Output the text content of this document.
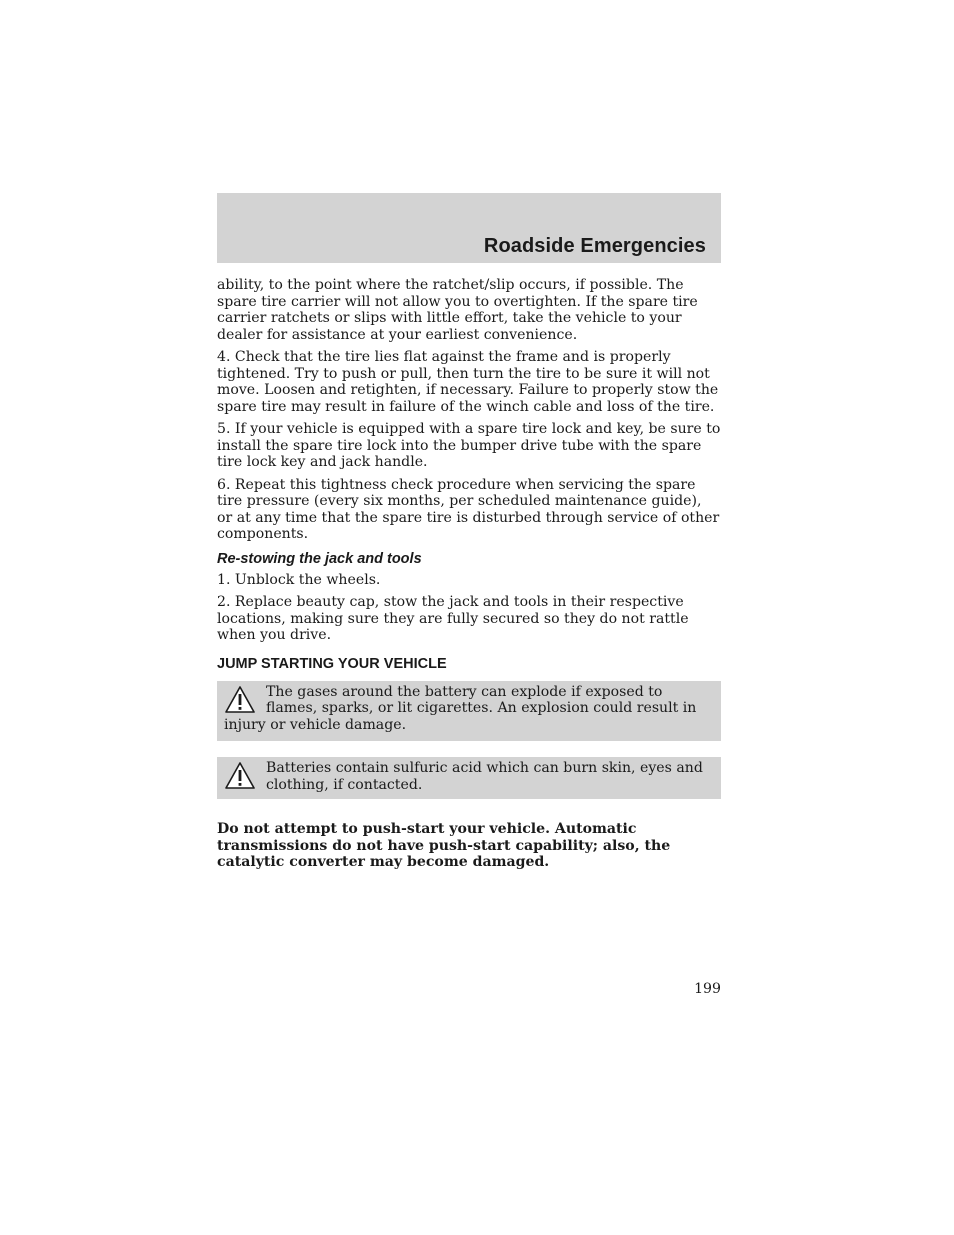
Roadside Emergencies

ability, to the point where the ratchet/slip occurs, if possible. The spare tire carrier will not allow you to overtighten. If the spare tire carrier ratchets or slips with little effort, take the vehicle to your dealer for assistance at your earliest convenience.

4. Check that the tire lies flat against the frame and is properly tightened. Try to push or pull, then turn the tire to be sure it will not move. Loosen and retighten, if necessary. Failure to properly stow the spare tire may result in failure of the winch cable and loss of the tire.

5. If your vehicle is equipped with a spare tire lock and key, be sure to install the spare tire lock into the bumper drive tube with the spare tire lock key and jack handle.

6. Repeat this tightness check procedure when servicing the spare tire pressure (every six months, per scheduled maintenance guide), or at any time that the spare tire is disturbed through service of other components.

Re-stowing the jack and tools

1. Unblock the wheels.

2. Replace beauty cap, stow the jack and tools in their respective locations, making sure they are fully secured so they do not rattle when you drive.

JUMP STARTING YOUR VEHICLE
The gases around the battery can explode if exposed to flames, sparks, or lit cigarettes. An explosion could result in injury or vehicle damage.
Batteries contain sulfuric acid which can burn skin, eyes and clothing, if contacted.

Do not attempt to push-start your vehicle. Automatic transmissions do not have push-start capability; also, the catalytic converter may become damaged.

199
